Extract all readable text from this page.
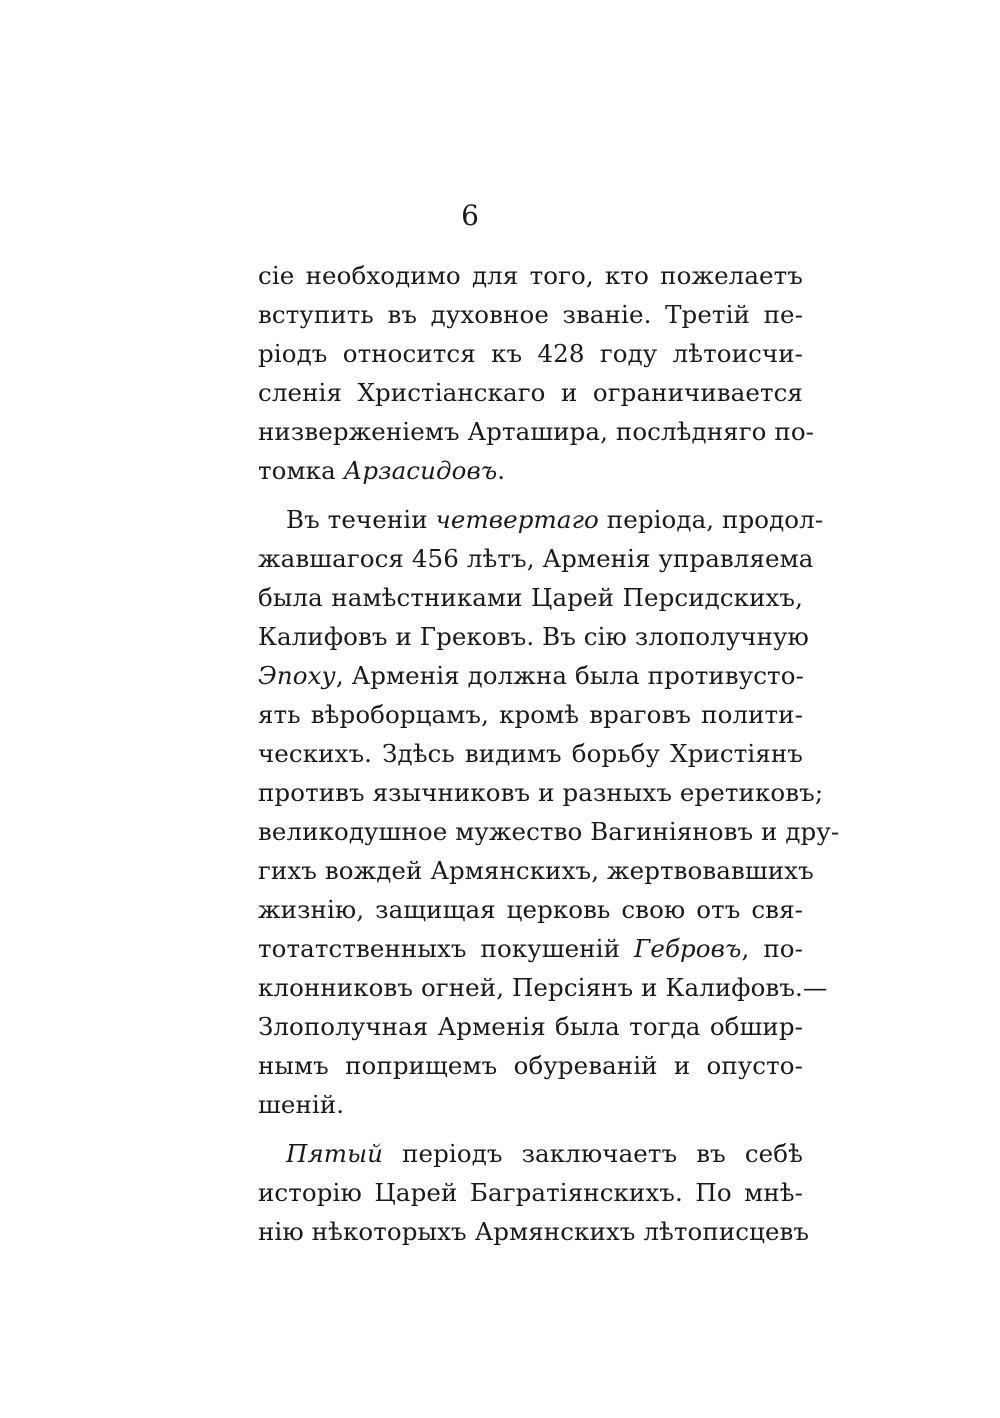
6
сіе необходимо для того, кто пожелаетъ
вступить въ духовное званіе. Третій пе-
ріодъ относится къ 428 году лѣтоисчи-
сленія Христіанскаго и ограничивается
низверженіемъ Арташира, послѣдняго по-
томка Арзасидовъ.
Въ теченіи четвертаго періода, продол-
жавшагося 456 лѣтъ, Арменія управляема
была намѣстниками Царей Персидскихъ,
Калифовъ и Грековъ. Въ сію злополучную
Эпоху, Арменія должна была противусто-
ять вѣроборцамъ, кромѣ враговъ полити-
ческихъ. Здѣсь видимъ борьбу Христіянъ
противъ язычниковъ и разныхъ еретиковъ;
великодушное мужество Вагиніяновъ и дру-
гихъ вождей Армянскихъ, жертвовавшихъ
жизнію, защищая церковь свою отъ свя-
тотатственныхъ покушеній Гебровъ, по-
клонниковъ огней, Персіянъ и Калифовъ.—
Злополучная Арменія была тогда обшир-
нымъ поприщемъ обуреваній и опусто-
шеній.
Пятый періодъ заключаетъ въ себѣ
исторію Царей Багратіянскихъ. По мнѣ-
нію нѣкоторыхъ Армянскихъ лѣтописцевъ
